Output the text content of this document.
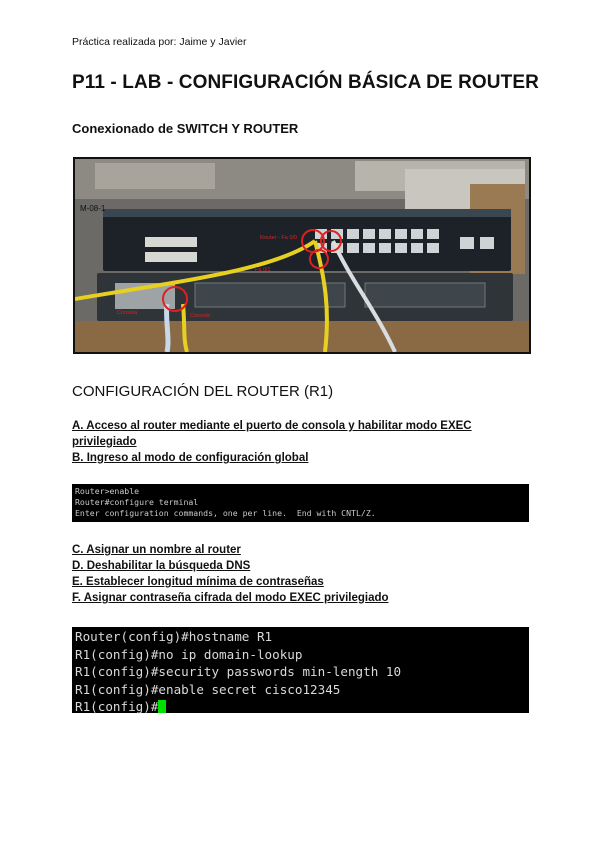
Práctica realizada por: Jaime y Javier
P11 - LAB - CONFIGURACIÓN BÁSICA DE ROUTER
Conexionado de SWITCH Y ROUTER
M-08-1
Router - Fa 0/0
Fa 0/1
Consola	Console
CONFIGURACIÓN DEL ROUTER (R1)
A. Acceso al router mediante el puerto de consola y habilitar modo EXEC privilegiado
B. Ingreso al modo de configuración global
Router>enable
Router#configure terminal
Enter configuration commands, one per line.  End with CNTL/Z.
C. Asignar un nombre al router
D. Deshabilitar la búsqueda DNS
E. Establecer longitud mínima de contraseñas
F. Asignar contraseña cifrada del modo EXEC privilegiado
Router(config)#hostname R1
R1(config)#no ip domain-lookup
R1(config)#security passwords min-length 10
R1(config)#enable secret cisco12345
R1(config)#
